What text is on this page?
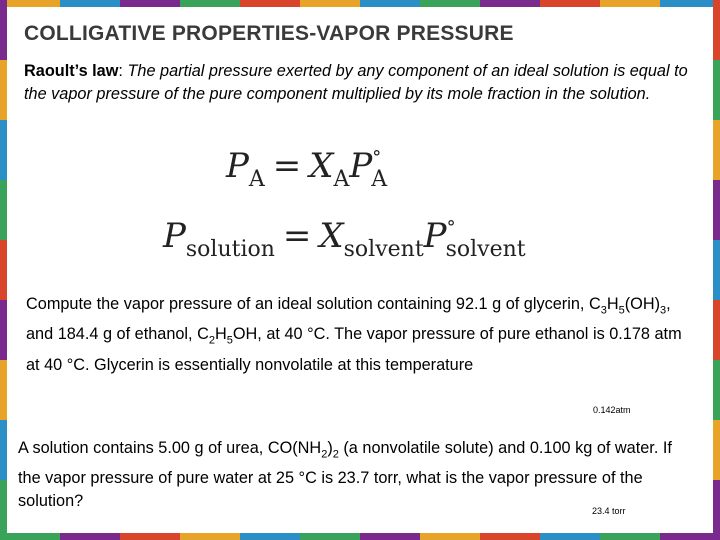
COLLIGATIVE PROPERTIES-VAPOR PRESSURE
Raoult’s law: The partial pressure exerted by any component of an ideal solution is equal to the vapor pressure of the pure component multiplied by its mole fraction in the solution.
$P_A = X_AP^\circ_A$
$P_{solution} = X_{solvent}P^\circ_{solvent}$
Compute the vapor pressure of an ideal solution containing 92.1 g of glycerin, $C_3H_5(OH)_3$, and 184.4 g of ethanol, $C_2H_5OH$, at 40 °C. The vapor pressure of pure ethanol is 0.178 atm at 40 °C. Glycerin is essentially nonvolatile at this temperature
0.142atm
A solution contains 5.00 g of urea, $CO(NH_2)_2$ (a nonvolatile solute) and 0.100 kg of water. If the vapor pressure of pure water at 25 °C is 23.7 torr, what is the vapor pressure of the solution?
23.4 torr
